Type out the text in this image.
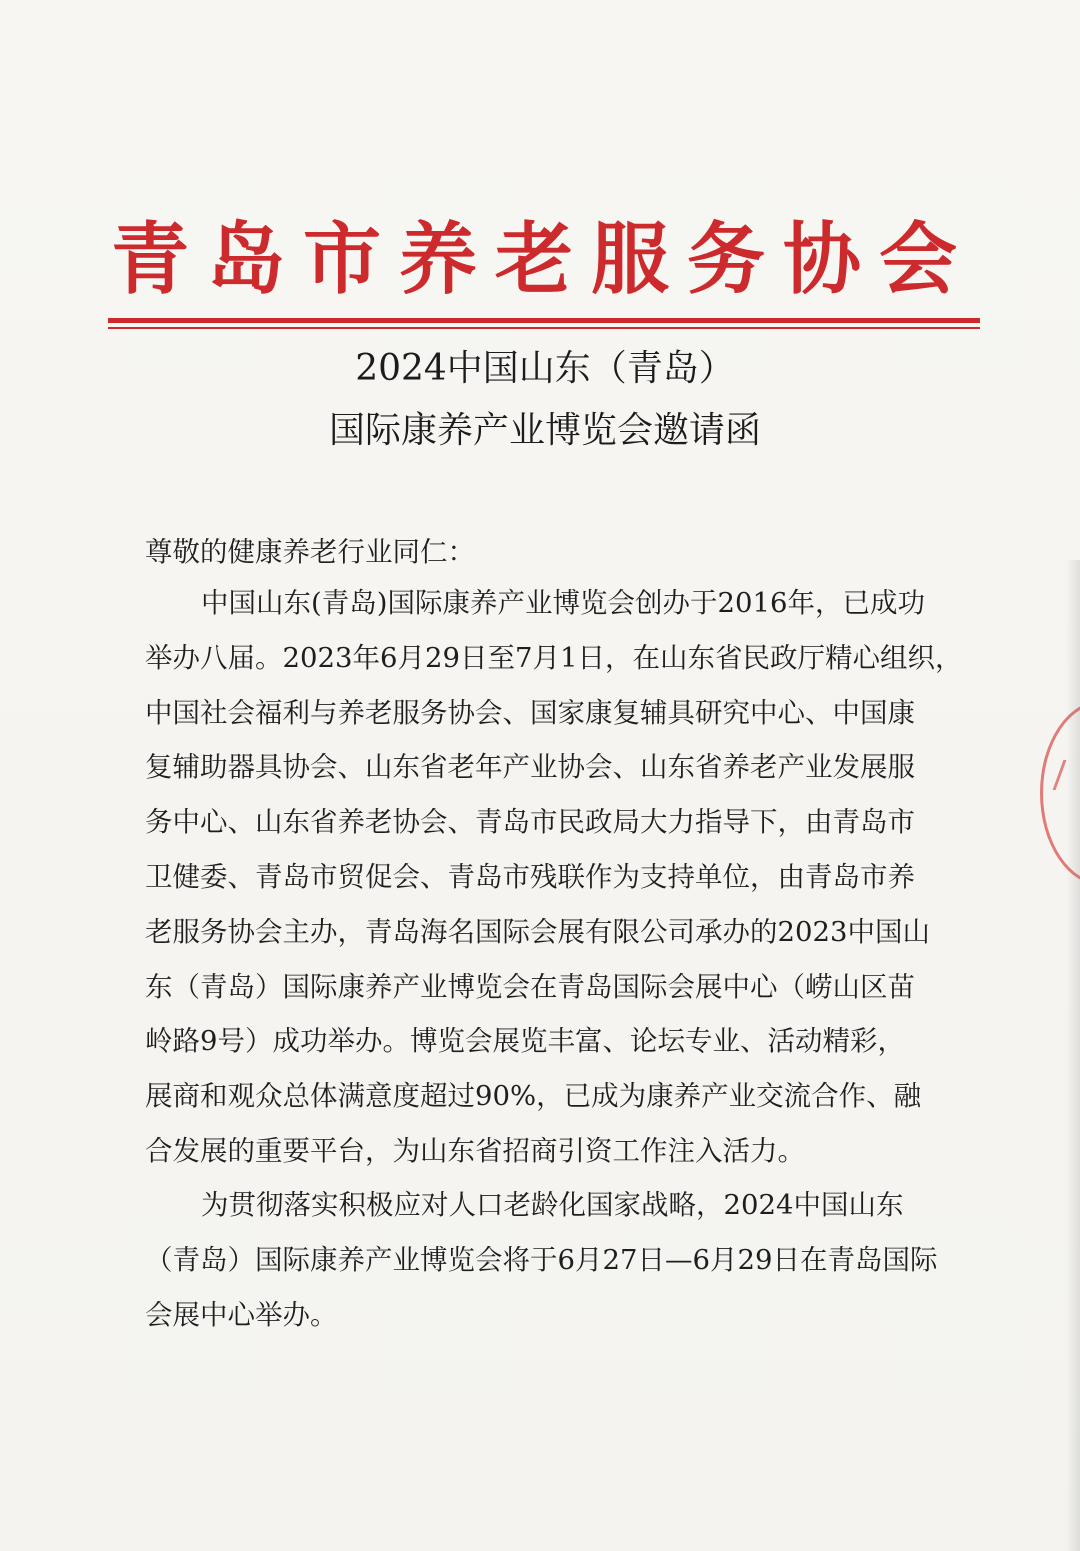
青岛市养老服务协会
2024中国山东（青岛）
国际康养产业博览会邀请函
尊敬的健康养老行业同仁：
中国山东(青岛)国际康养产业博览会创办于2016年，已成功
举办八届。2023年6月29日至7月1日，在山东省民政厅精心组织，
中国社会福利与养老服务协会、国家康复辅具研究中心、中国康
复辅助器具协会、山东省老年产业协会、山东省养老产业发展服
务中心、山东省养老协会、青岛市民政局大力指导下，由青岛市
卫健委、青岛市贸促会、青岛市残联作为支持单位，由青岛市养
老服务协会主办，青岛海名国际会展有限公司承办的2023中国山
东（青岛）国际康养产业博览会在青岛国际会展中心（崂山区苗
岭路9号）成功举办。博览会展览丰富、论坛专业、活动精彩，
展商和观众总体满意度超过90%，已成为康养产业交流合作、融
合发展的重要平台，为山东省招商引资工作注入活力。
为贯彻落实积极应对人口老龄化国家战略，2024中国山东
（青岛）国际康养产业博览会将于6月27日—6月29日在青岛国际
会展中心举办。
